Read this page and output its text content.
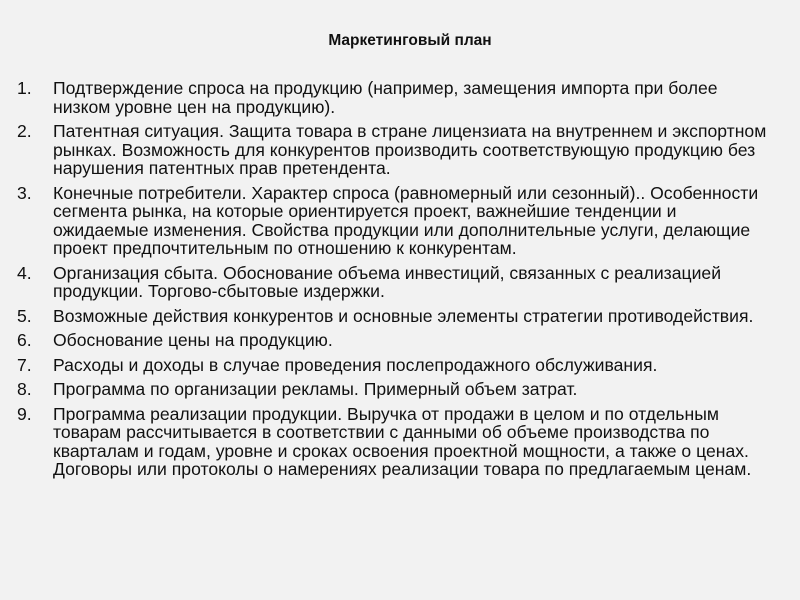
Маркетинговый план
1. Подтверждение спроса на продукцию (например, замещения импорта при более низком уровне цен на продукцию).
2. Патентная ситуация. Защита товара в стране лицензиата на внутреннем и экспортном рынках. Возможность для конкурентов производить соответствующую продукцию без нарушения патентных прав претендента.
3. Конечные потребители. Характер спроса (равномерный или сезонный).. Особенности сегмента рынка, на которые ориентируется проект, важнейшие тенденции и ожидаемые изменения. Свойства продукции или дополнительные услуги, делающие проект предпочтительным по отношению к конкурентам.
4. Организация сбыта. Обоснование объема инвестиций, связанных с реализацией продукции. Торгово-сбытовые издержки.
5. Возможные действия конкурентов и основные элементы стратегии противодействия.
6. Обоснование цены на продукцию.
7. Расходы и доходы в случае проведения послепродажного обслуживания.
8. Программа по организации рекламы. Примерный объем затрат.
9. Программа реализации продукции. Выручка от продажи в целом и по отдельным товарам рассчитывается в соответствии с данными об объеме производства по кварталам и годам, уровне и сроках освоения проектной мощности, а также о ценах. Договоры или протоколы о намерениях реализации товара по предлагаемым ценам.
